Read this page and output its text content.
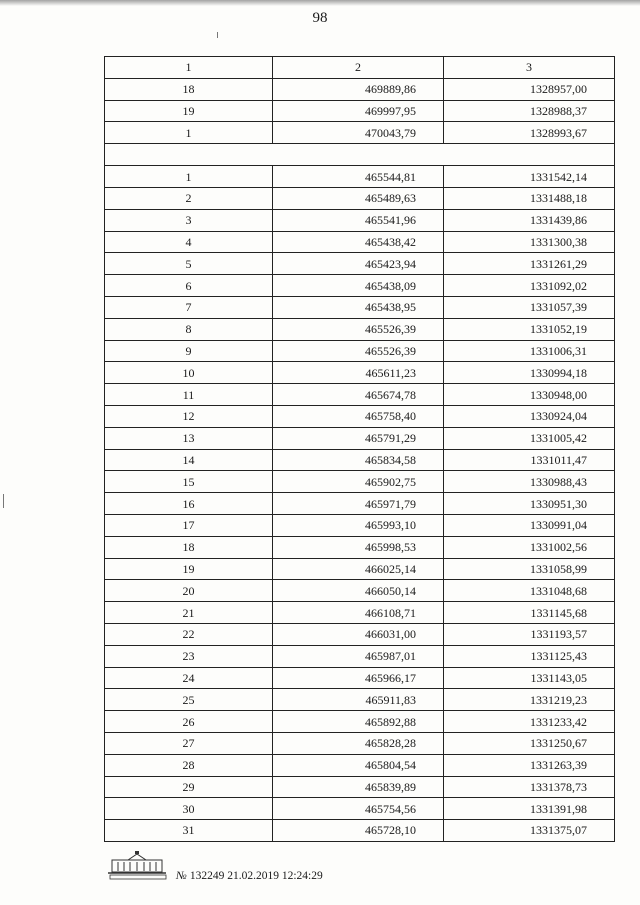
98
1	2	3
18	469889,86	1328957,00
19	469997,95	1328988,37
1	470043,79	1328993,67

1	465544,81	1331542,14
2	465489,63	1331488,18
3	465541,96	1331439,86
4	465438,42	1331300,38
5	465423,94	1331261,29
6	465438,09	1331092,02
7	465438,95	1331057,39
8	465526,39	1331052,19
9	465526,39	1331006,31
10	465611,23	1330994,18
11	465674,78	1330948,00
12	465758,40	1330924,04
13	465791,29	1331005,42
14	465834,58	1331011,47
15	465902,75	1330988,43
16	465971,79	1330951,30
17	465993,10	1330991,04
18	465998,53	1331002,56
19	466025,14	1331058,99
20	466050,14	1331048,68
21	466108,71	1331145,68
22	466031,00	1331193,57
23	465987,01	1331125,43
24	465966,17	1331143,05
25	465911,83	1331219,23
26	465892,88	1331233,42
27	465828,28	1331250,67
28	465804,54	1331263,39
29	465839,89	1331378,73
30	465754,56	1331391,98
31	465728,10	1331375,07
№ 132249 21.02.2019 12:24:29
